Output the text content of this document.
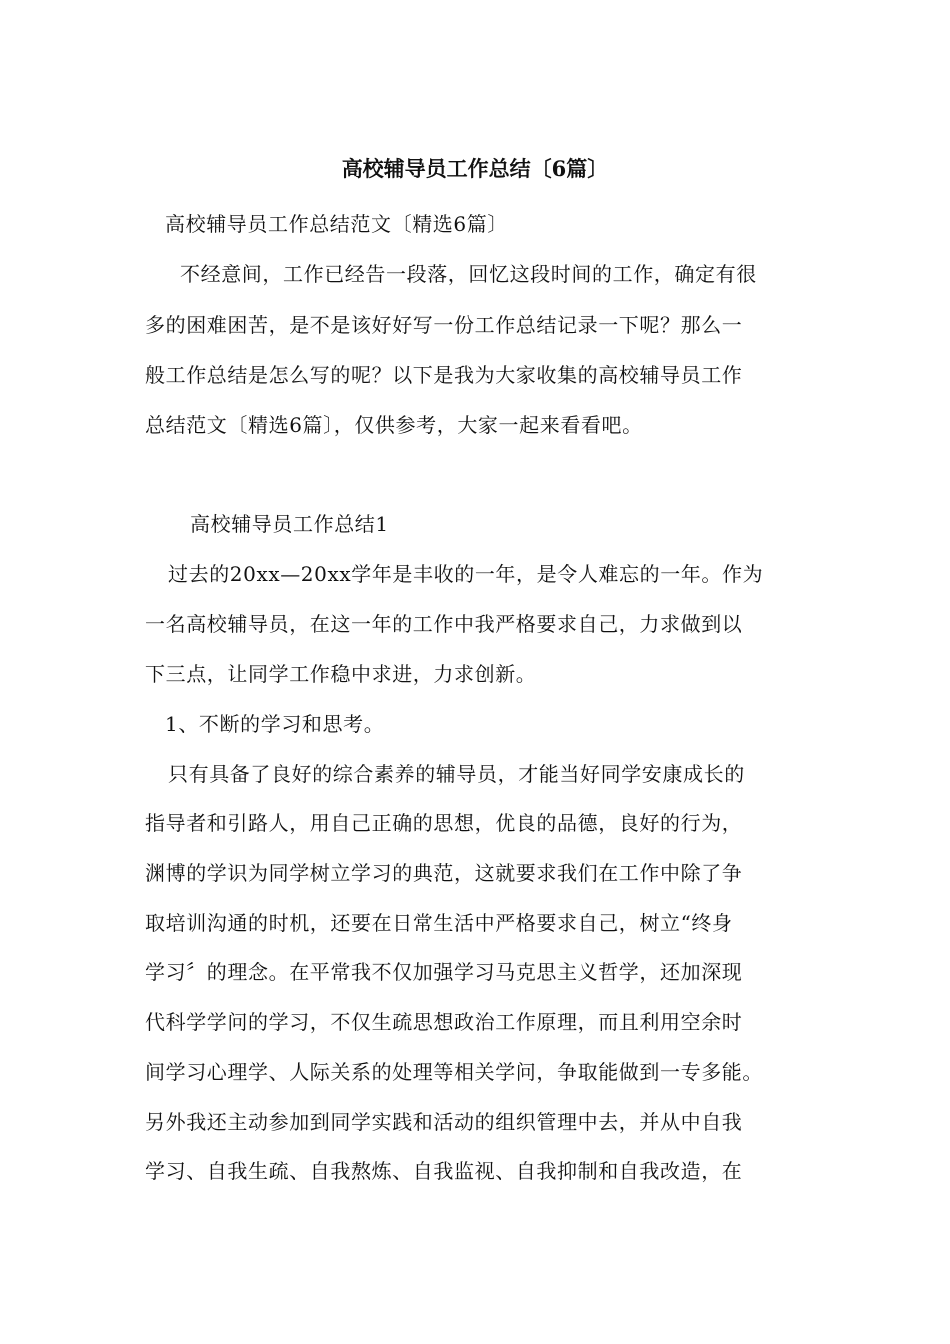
高校辅导员工作总结〔6篇〕
高校辅导员工作总结范文〔精选6篇〕
不经意间，工作已经告一段落，回忆这段时间的工作，确定有很
多的困难困苦，是不是该好好写一份工作总结记录一下呢？那么一
般工作总结是怎么写的呢？以下是我为大家收集的高校辅导员工作
总结范文〔精选6篇〕，仅供参考，大家一起来看看吧。
高校辅导员工作总结1
过去的20xx—20xx学年是丰收的一年，是令人难忘的一年。作为
一名高校辅导员，在这一年的工作中我严格要求自己，力求做到以
下三点，让同学工作稳中求进，力求创新。
1、不断的学习和思考。
只有具备了良好的综合素养的辅导员，才能当好同学安康成长的
指导者和引路人，用自己正确的思想，优良的品德，良好的行为，
渊博的学识为同学树立学习的典范，这就要求我们在工作中除了争
取培训沟通的时机，还要在日常生活中严格要求自己，树立“终身
学习〞的理念。在平常我不仅加强学习马克思主义哲学，还加深现
代科学学问的学习，不仅生疏思想政治工作原理，而且利用空余时
间学习心理学、人际关系的处理等相关学问，争取能做到一专多能。
另外我还主动参加到同学实践和活动的组织管理中去，并从中自我
学习、自我生疏、自我熬炼、自我监视、自我抑制和自我改造，在
